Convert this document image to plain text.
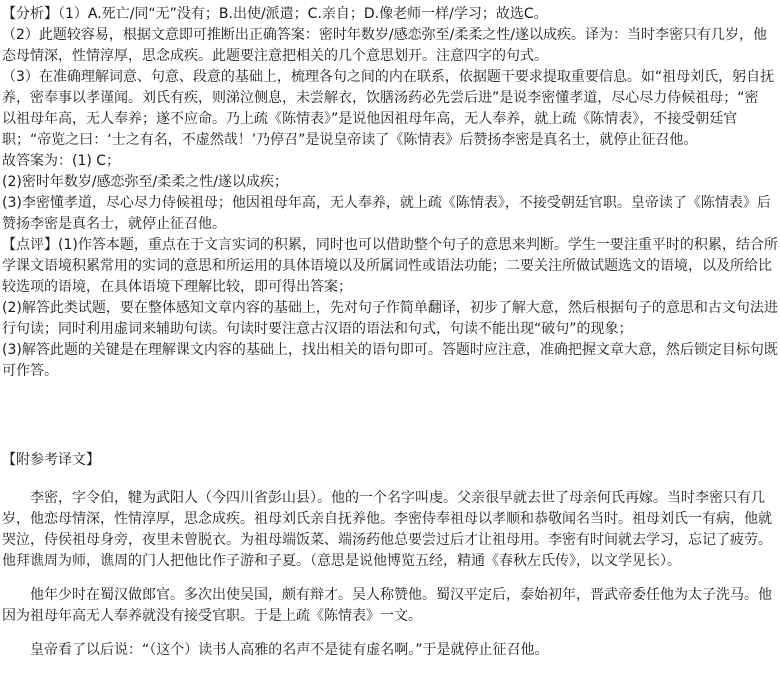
【分析】（1）A.死亡/同“无”没有；B.出使/派遣；C.亲自；D.像老师一样/学习；故选C。

（2）此题较容易，根据文意即可推断出正确答案：密时年数岁/感恋弥至/柔柔之性/遂以成疾。译为：当时李密只有几岁，他

态母情深，性情淳厚，思念成疾。此题要注意把相关的几个意思划开。注意四字的句式。

（3）在准确理解词意、句意、段意的基础上，梳理各句之间的内在联系，依据题干要求提取重要信息。如“祖母刘氏，躬自抚

养，密奉事以孝谨闻。刘氏有疾，则涕泣侧息，未尝解衣，饮膳汤药必先尝后进”是说李密懂孝道，尽心尽力侍候祖母；“密

以祖母年高，无人奉养；遂不应命。乃上疏《陈情表》”是说他因祖母年高，无人奉养，就上疏《陈情表》，不接受朝廷官

职；“帝览之曰：‘士之有名，不虚然哉！’乃停召”是说皇帝读了《陈情表》后赞扬李密是真名士，就停止征召他。

故答案为：(1) C；

(2)密时年数岁/感恋弥至/柔柔之性/遂以成疾；

(3)李密懂孝道，尽心尽力侍候祖母；他因祖母年高，无人奉养，就上疏《陈情表》，不接受朝廷官职。皇帝读了《陈情表》后

赞扬李密是真名士，就停止征召他。

【点评】(1)作答本题，重点在于文言实词的积累，同时也可以借助整个句子的意思来判断。学生一要注重平时的积累，结合所

学课文语境积累常用的实词的意思和所运用的具体语境以及所属词性或语法功能；二要关注所做试题选文的语境，以及所给比

较选项的语境，在具体语境下理解比较，即可得出答案；

(2)解答此类试题，要在整体感知文章内容的基础上，先对句子作简单翻译，初步了解大意，然后根据句子的意思和古文句法进

行句读；同时利用虚词来辅助句读。句读时要注意古汉语的语法和句式，句读不能出现“破句”的现象；

(3)解答此题的关键是在理解课文内容的基础上，找出相关的语句即可。答题时应注意，准确把握文章大意，然后锁定目标句既

可作答。

【附参考译文】

李密，字令伯，犍为武阳人（今四川省彭山县）。他的一个名字叫虔。父亲很早就去世了母亲何氏再嫁。当时李密只有几岁，他恋母情深，性情淳厚，思念成疾。祖母刘氏亲自抚养他。李密侍奉祖母以孝顺和恭敬闻名当时。祖母刘氏一有病，他就哭泣，侍侯祖母身旁，夜里未曾脱衣。为祖母端饭菜、端汤药他总要尝过后才让祖母用。李密有时间就去学习，忘记了疲劳。他拜谯周为师，谯周的门人把他比作子游和子夏。（意思是说他博览五经，精通《春秋左氏传》，以文学见长）。

他年少时在蜀汉做郎官。多次出使吴国，颇有辩才。吴人称赞他。蜀汉平定后，泰始初年，晋武帝委任他为太子洗马。他因为祖母年高无人奉养就没有接受官职。于是上疏《陈情表》一文。

皇帝看了以后说：“（这个）读书人高雅的名声不是徒有虚名啊。”于是就停止征召他。
